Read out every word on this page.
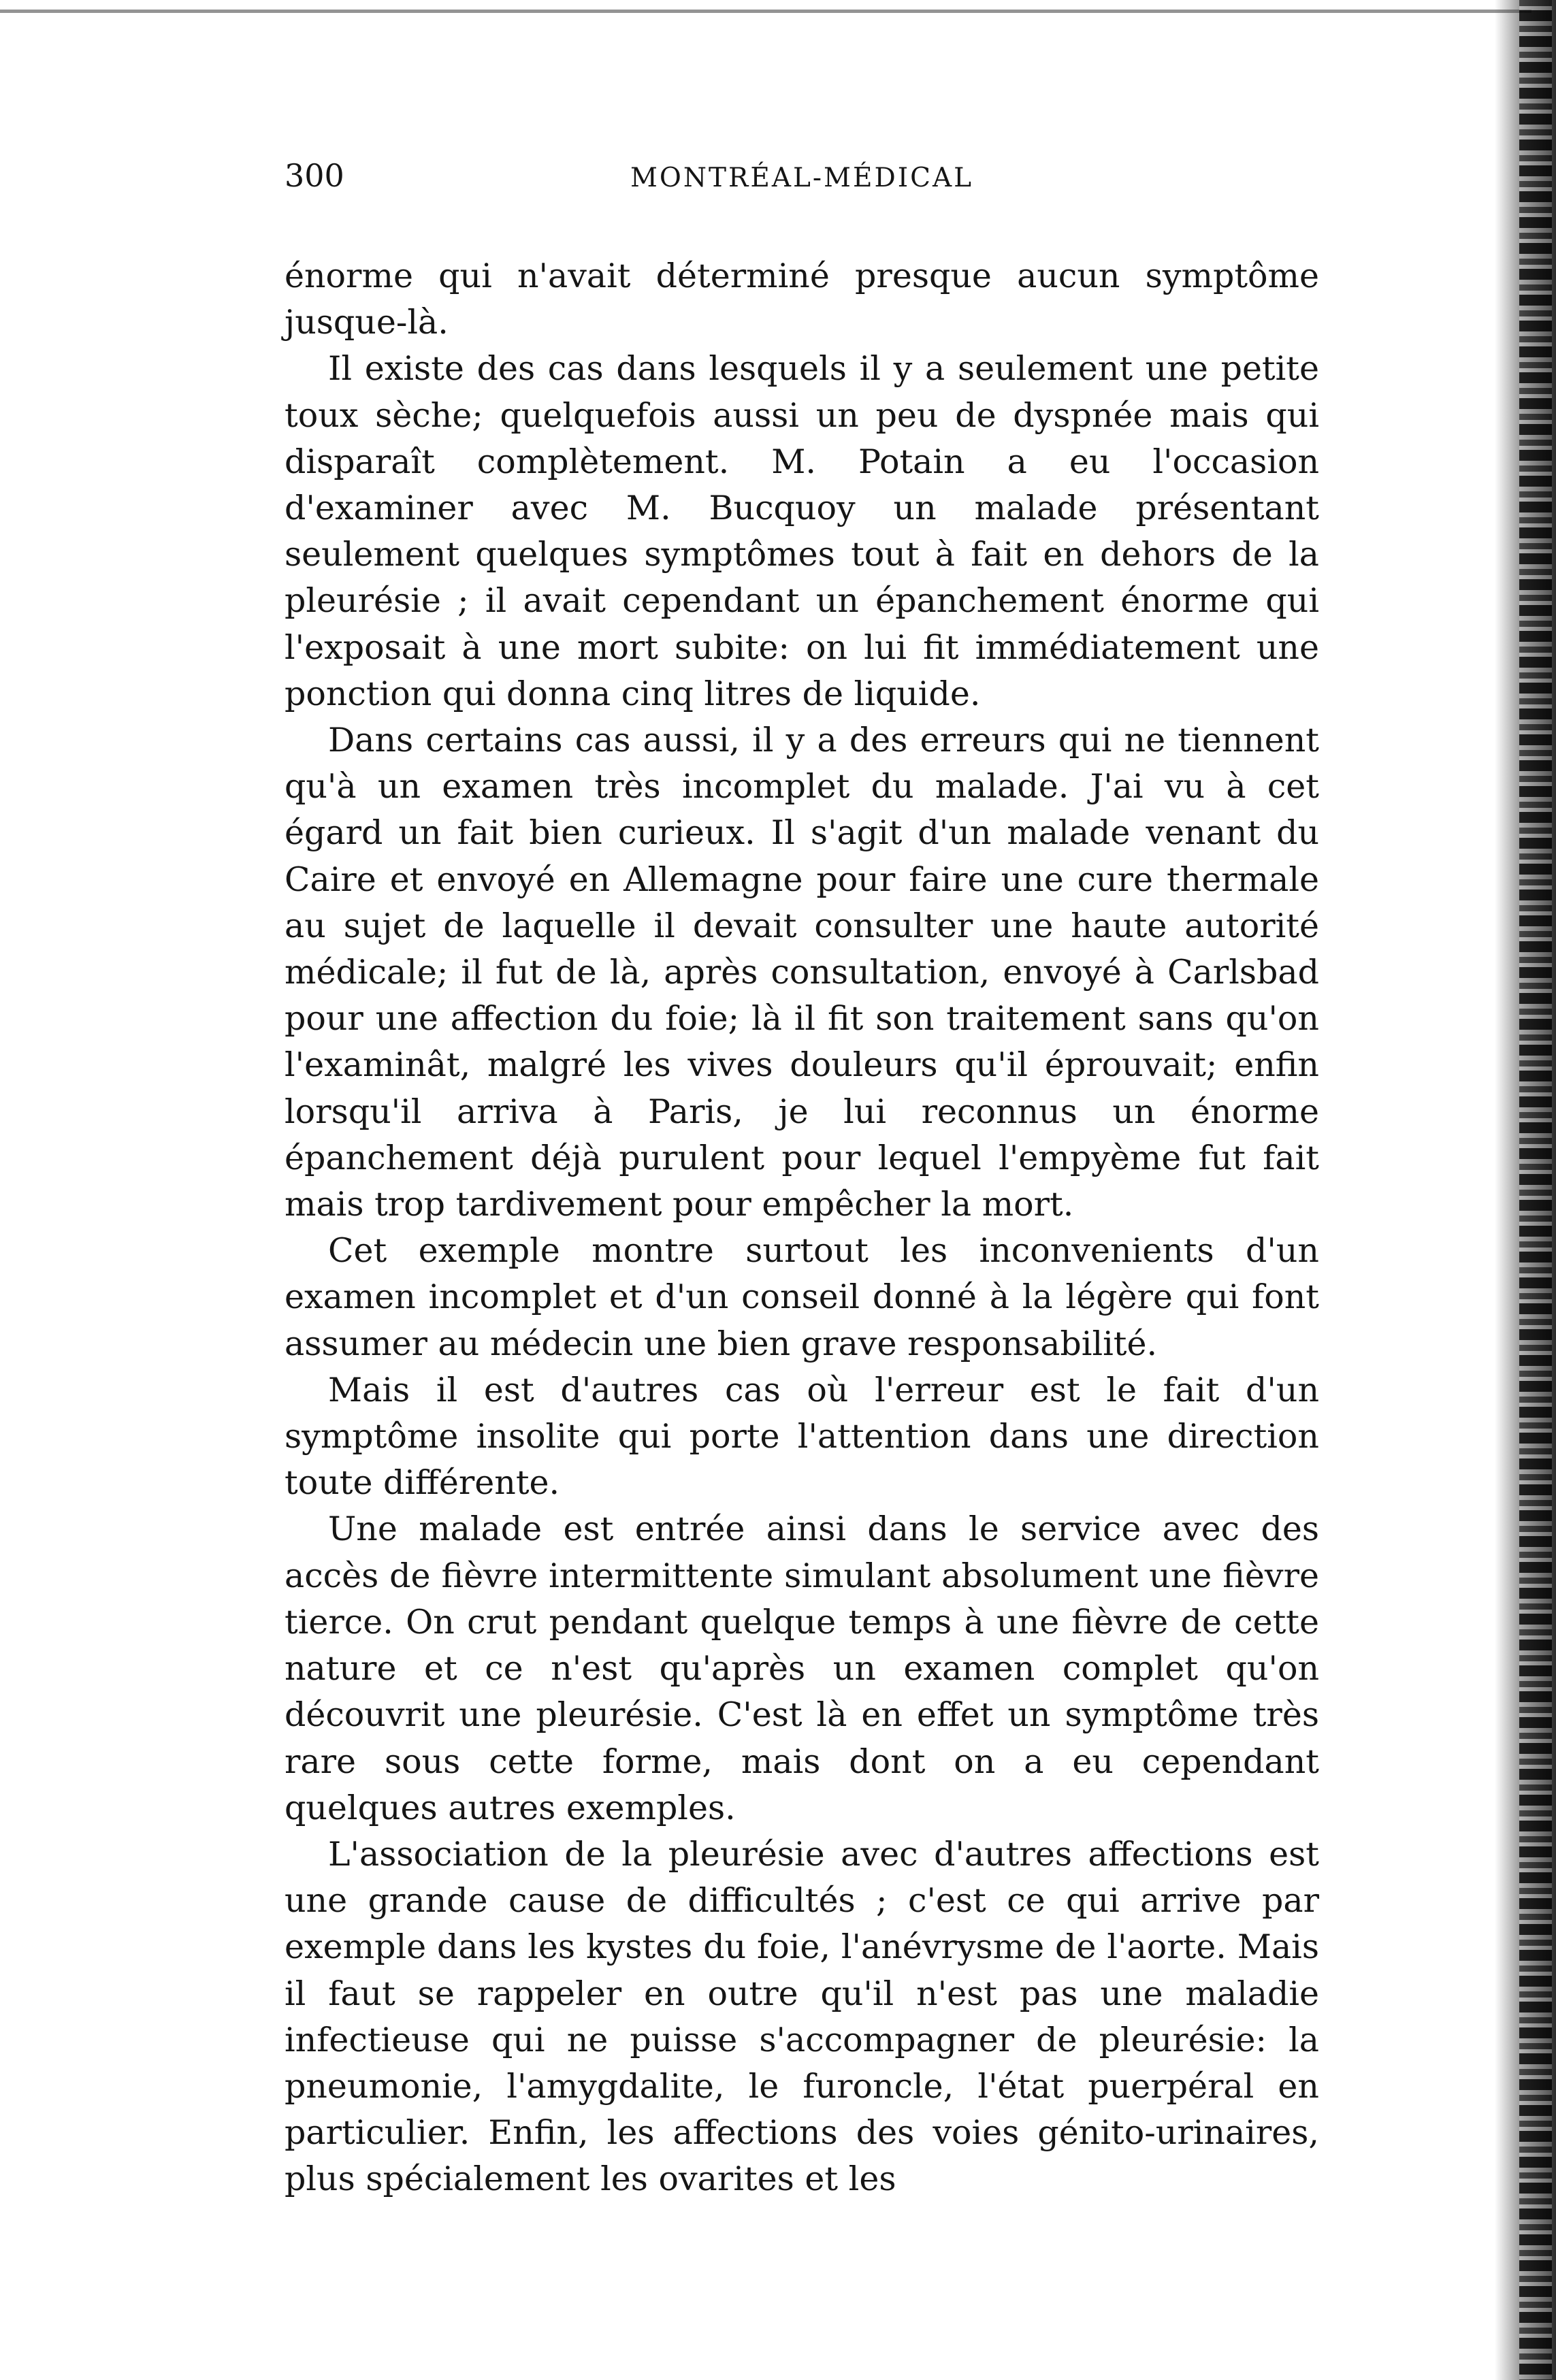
300	MONTRÉAL-MÉDICAL

énorme qui n'avait déterminé presque aucun symptôme jusque-là.

Il existe des cas dans lesquels il y a seulement une petite toux sèche; quelquefois aussi un peu de dyspnée mais qui disparaît complètement. M. Potain a eu l'occasion d'examiner avec M. Bucquoy un malade présentant seulement quelques symptômes tout à fait en dehors de la pleurésie ; il avait cependant un épanchement énorme qui l'exposait à une mort subite: on lui fit immédiatement une ponction qui donna cinq litres de liquide.

Dans certains cas aussi, il y a des erreurs qui ne tiennent qu'à un examen très incomplet du malade. J'ai vu à cet égard un fait bien curieux. Il s'agit d'un malade venant du Caire et envoyé en Allemagne pour faire une cure thermale au sujet de laquelle il devait consulter une haute autorité médicale; il fut de là, après consultation, envoyé à Carlsbad pour une affection du foie; là il fit son traitement sans qu'on l'examinât, malgré les vives douleurs qu'il éprouvait; enfin lorsqu'il arriva à Paris, je lui reconnus un énorme épanchement déjà purulent pour lequel l'empyème fut fait mais trop tardivement pour empêcher la mort.

Cet exemple montre surtout les inconvenients d'un examen incomplet et d'un conseil donné à la légère qui font assumer au médecin une bien grave responsabilité.

Mais il est d'autres cas où l'erreur est le fait d'un symptôme insolite qui porte l'attention dans une direction toute différente.

Une malade est entrée ainsi dans le service avec des accès de fièvre intermittente simulant absolument une fièvre tierce. On crut pendant quelque temps à une fièvre de cette nature et ce n'est qu'après un examen complet qu'on découvrit une pleurésie. C'est là en effet un symptôme très rare sous cette forme, mais dont on a eu cependant quelques autres exemples.

L'association de la pleurésie avec d'autres affections est une grande cause de difficultés ; c'est ce qui arrive par exemple dans les kystes du foie, l'anévrysme de l'aorte. Mais il faut se rappeler en outre qu'il n'est pas une maladie infectieuse qui ne puisse s'accompagner de pleurésie: la pneumonie, l'amygdalite, le furoncle, l'état puerpéral en particulier. Enfin, les affections des voies génito-urinaires, plus spécialement les ovarites et les
